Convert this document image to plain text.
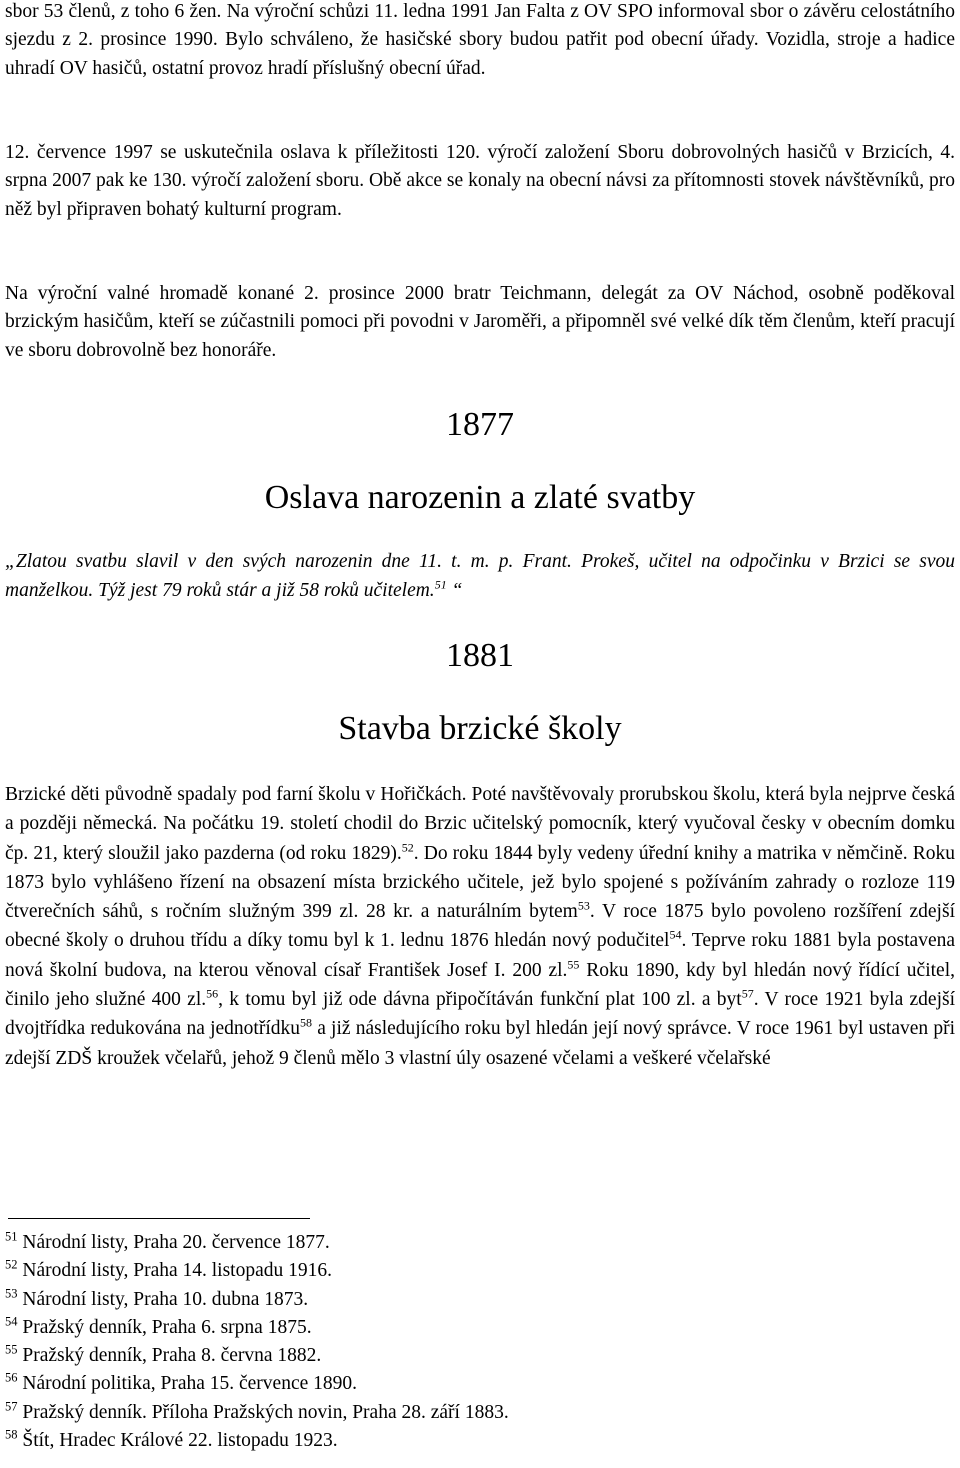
sbor 53 členů, z toho 6 žen. Na výroční schůzi 11. ledna 1991 Jan Falta z OV SPO informoval sbor o závěru celostátního sjezdu z 2. prosince 1990. Bylo schváleno, že hasičské sbory budou patřit pod obecní úřady. Vozidla, stroje a hadice uhradí OV hasičů, ostatní provoz hradí příslušný obecní úřad.

12. července 1997 se uskutečnila oslava k příležitosti 120. výročí založení Sboru dobrovolných hasičů v Brzicích, 4. srpna 2007 pak ke 130. výročí založení sboru. Obě akce se konaly na obecní návsi za přítomnosti stovek návštěvníků, pro něž byl připraven bohatý kulturní program.

Na výroční valné hromadě konané 2. prosince 2000 bratr Teichmann, delegát za OV Náchod, osobně poděkoval brzickým hasičům, kteří se zúčastnili pomoci při povodni v Jaroměři, a připomněl své velké dík těm členům, kteří pracují ve sboru dobrovolně bez honoráře.

1877
Oslava narozenin a zlaté svatby

„Zlatou svatbu slavil v den svých narozenin dne 11. t. m. p. Frant. Prokeš, učitel na odpočinku v Brzici se svou manželkou. Týž jest 79 roků stár a již 58 roků učitelem.$^{51}$ “

1881
Stavba brzické školy

Brzické děti původně spadaly pod farní školu v Hořičkách. Poté navštěvovaly prorubskou školu, která byla nejprve česká a později německá. Na počátku 19. století chodil do Brzic učitelský pomocník, který vyučoval česky v obecním domku čp. 21, který sloužil jako pazderna (od roku 1829).$^{52}$. Do roku 1844 byly vedeny úřední knihy a matrika v němčině. Roku 1873 bylo vyhlášeno řízení na obsazení místa brzického učitele, jež bylo spojené s požíváním zahrady o rozloze 119 čtverečních sáhů, s ročním služným 399 zl. 28 kr. a naturálním bytem$^{53}$. V roce 1875 bylo povoleno rozšíření zdejší obecné školy o druhou třídu a díky tomu byl k 1. lednu 1876 hledán nový podučitel$^{54}$. Teprve roku 1881 byla postavena nová školní budova, na kterou věnoval císař František Josef I. 200 zl.$^{55}$ Roku 1890, kdy byl hledán nový řídící učitel, činilo jeho služné 400 zl.$^{56}$, k tomu byl již ode dávna připočítáván funkční plat 100 zl. a byt$^{57}$. V roce 1921 byla zdejší dvojtřídka redukována na jednotřídku$^{58}$ a již následujícího roku byl hledán její nový správce. V roce 1961 byl ustaven při zdejší ZDŠ kroužek včelařů, jehož 9 členů mělo 3 vlastní úly osazené včelami a veškeré včelařské

$^{51}$ Národní listy, Praha 20. července 1877.

$^{52}$ Národní listy, Praha 14. listopadu 1916.

$^{53}$ Národní listy, Praha 10. dubna 1873.

$^{54}$ Pražský denník, Praha 6. srpna 1875.

$^{55}$ Pražský denník, Praha 8. června 1882.

$^{56}$ Národní politika, Praha 15. července 1890.

$^{57}$ Pražský denník. Příloha Pražských novin, Praha 28. září 1883.

$^{58}$ Štít, Hradec Králové 22. listopadu 1923.
